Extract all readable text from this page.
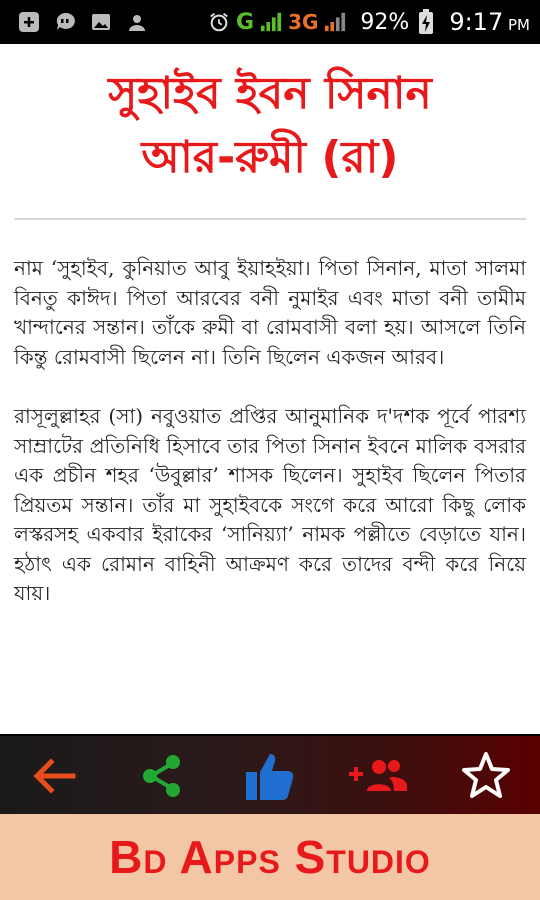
G 3G 92% 9:17 PM
সুহাইব ইবন সিনান
আর-রুমী (রা)

নাম ‘সুহাইব, কুনিয়াত আবু ইয়াহইয়া। পিতা সিনান, মাতা সালমা বিনতু কাঈদ। পিতা আরবের বনী নুমাইর এবং মাতা বনী তামীম খান্দানের সন্তান। তাঁকে রুমী বা রোমবাসী বলা হয়। আসলে তিনি কিন্তু রোমবাসী ছিলেন না। তিনি ছিলেন একজন আরব।

রাসূলুল্লাহর (সা) নবুওয়াত প্রপ্তির আনুমানিক দ'দশক পূর্বে পারশ্য সাম্রাটের প্রতিনিধি হিসাবে তার পিতা সিনান ইবনে মালিক বসরার এক প্রচীন শহর ‘উবুল্লার’ শাসক ছিলেন। সুহাইব ছিলেন পিতার প্রিয়তম সন্তান। তাঁর মা সুহাইবকে সংগে করে আরো কিছু লোক লস্করসহ একবার ইরাকের ‘সানিয়্যা’ নামক পল্লীতে বেড়াতে যান। হঠাৎ এক রোমান বাহিনী আক্রমণ করে তাদের বন্দী করে নিয়ে যায়।

Bd Apps Studio
